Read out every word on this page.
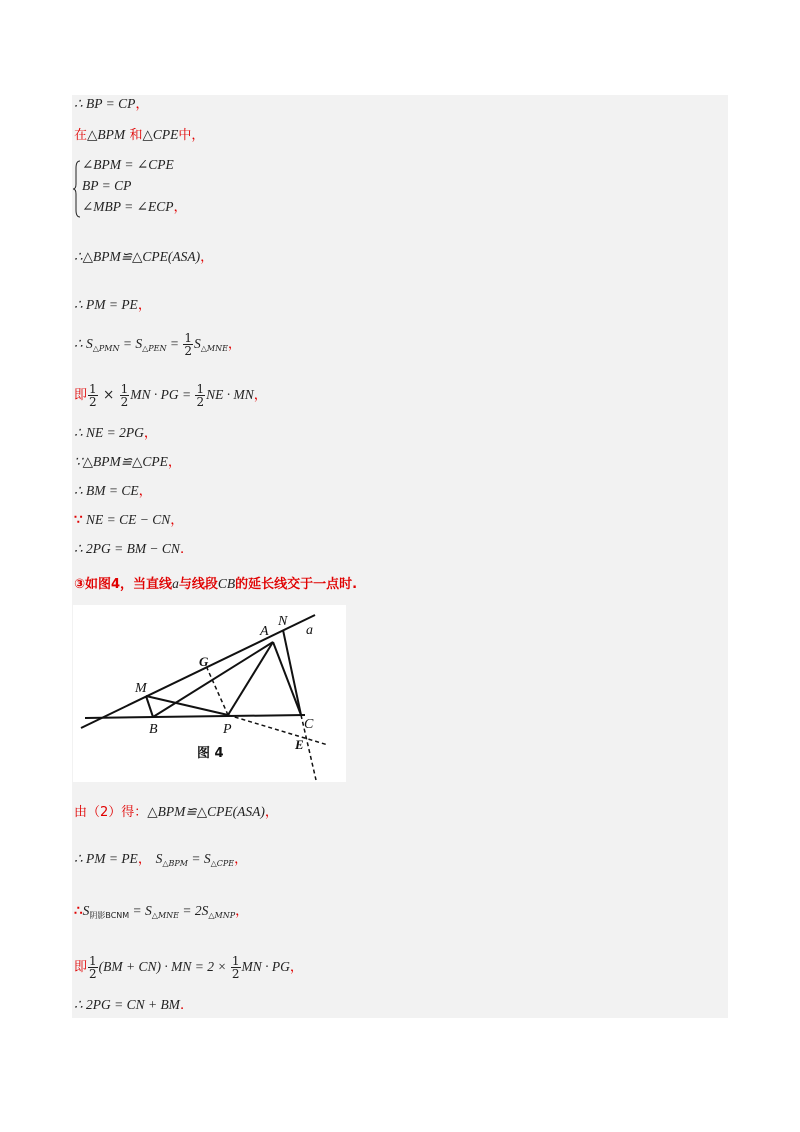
∴ BP = CP，
在△BPM 和△CPE中，
∠BPM = ∠CPE
BP = CP
∠MBP = ∠ECP，
∴△BPM≌△CPE(ASA)，
∴ PM = PE，
∴ $S_{\triangle PMN} = S_{\triangle PEN} = \frac{1}{2} S_{\triangle MNE}$，
即 $\frac{1}{2} \times \frac{1}{2}$ MN · PG = $\frac{1}{2}$ NE · MN，
∴ NE = 2PG，
∵△BPM≌△CPE，
∴ BM = CE，
∵ NE = CE − CN，
∴ 2PG = BM − CN．
③如图4，当直线a与线段CB的延长线交于一点时.
A
N
a
G
M
B	P	C
E
图 4
由（2）得：△BPM≌△CPE(ASA)，
∴ PM = PE， $S_{\triangle BPM} = S_{\triangle CPE}$，
$\therefore S_{阴影BCNM} = S_{\triangle MNE} = 2S_{\triangle MNP}$，
即 $\frac{1}{2} (BM + CN)$ · MN = $2 \times \frac{1}{2}$ MN · PG，
∴ 2PG = CN + BM．
